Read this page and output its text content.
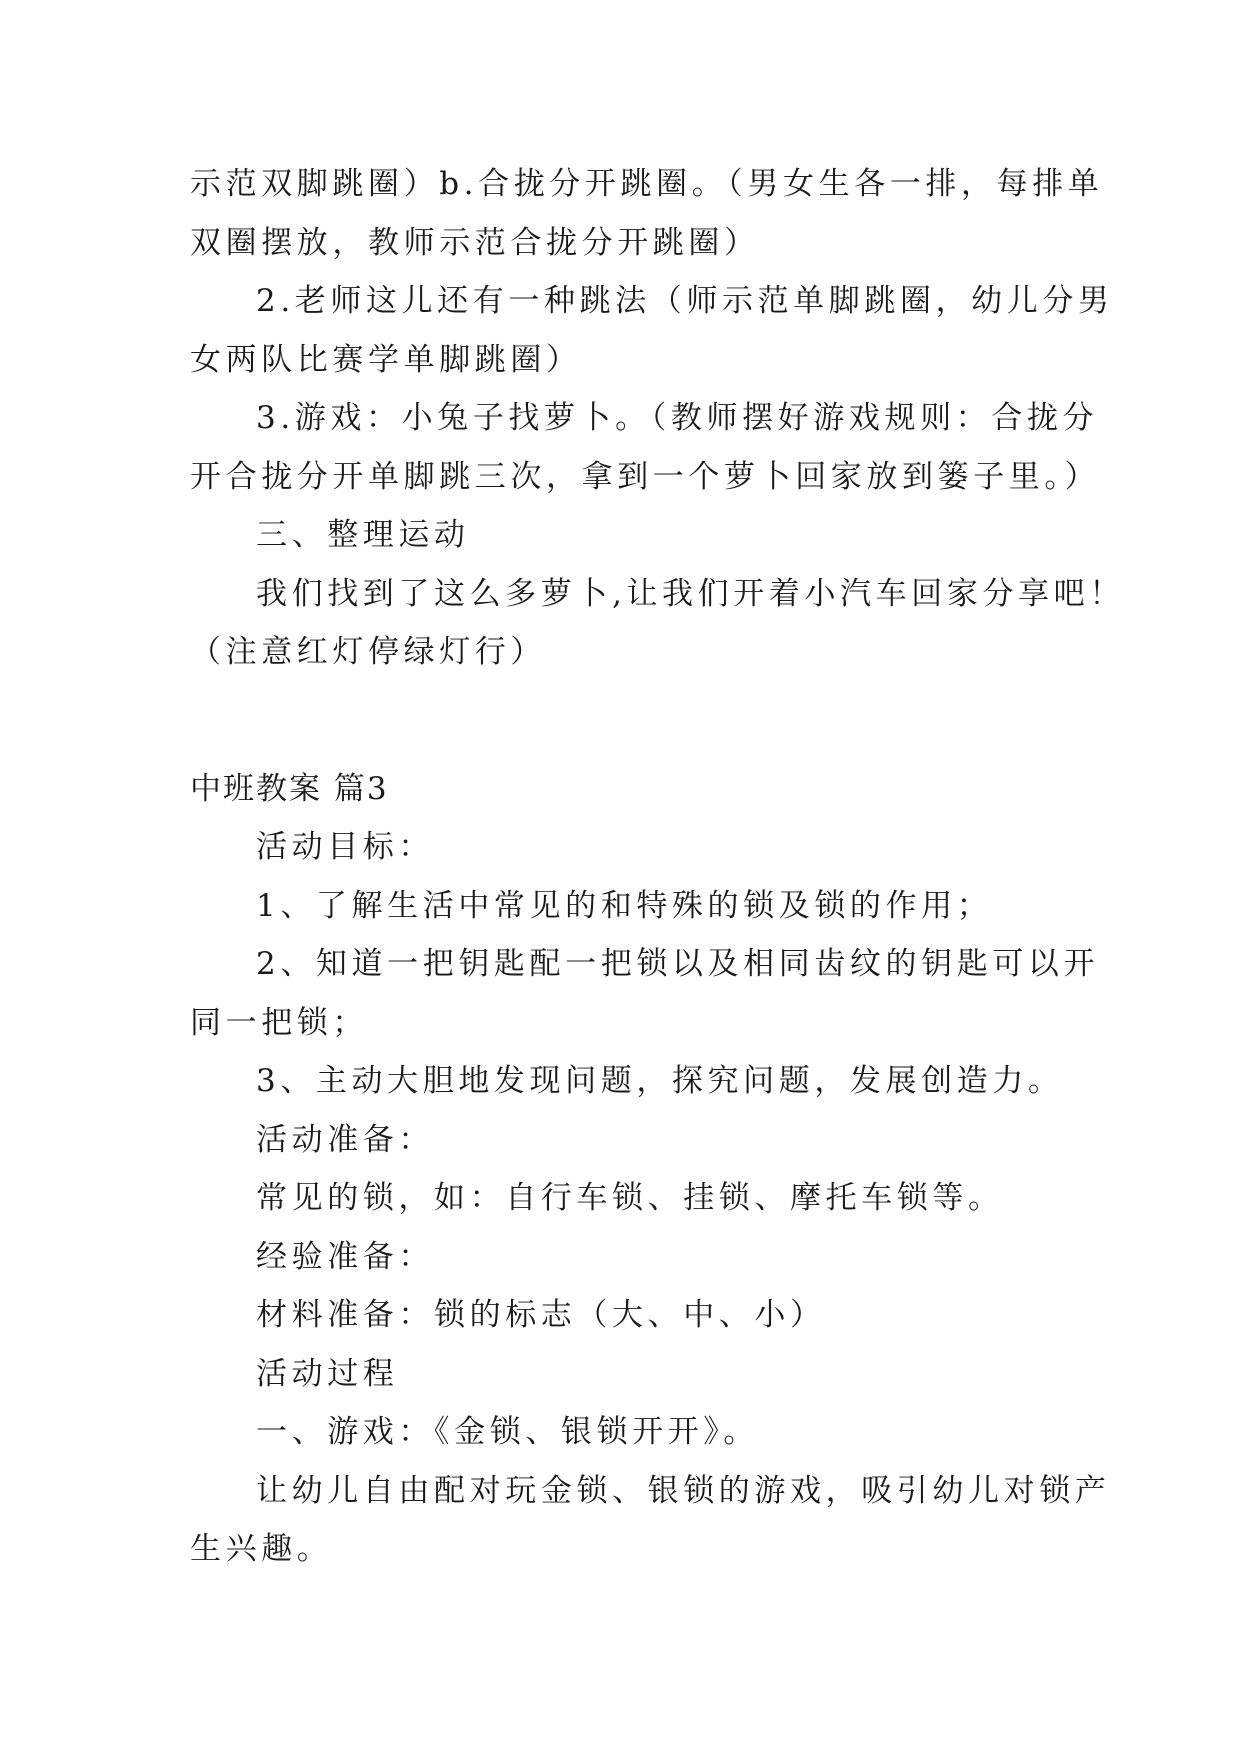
示范双脚跳圈）b.合拢分开跳圈。（男女生各一排，每排单
双圈摆放，教师示范合拢分开跳圈）
2.老师这儿还有一种跳法（师示范单脚跳圈，幼儿分男
女两队比赛学单脚跳圈）
3.游戏：小兔子找萝卜。（教师摆好游戏规则：合拢分
开合拢分开单脚跳三次，拿到一个萝卜回家放到篓子里。）
三、整理运动
我们找到了这么多萝卜,让我们开着小汽车回家分享吧！
（注意红灯停绿灯行）
中班教案 篇3
活动目标：
1、了解生活中常见的和特殊的锁及锁的作用；
2、知道一把钥匙配一把锁以及相同齿纹的钥匙可以开
同一把锁；
3、主动大胆地发现问题，探究问题，发展创造力。
活动准备：
常见的锁，如：自行车锁、挂锁、摩托车锁等。
经验准备：
材料准备：锁的标志（大、中、小）
活动过程
一、游戏：《金锁、银锁开开》。
让幼儿自由配对玩金锁、银锁的游戏，吸引幼儿对锁产
生兴趣。
